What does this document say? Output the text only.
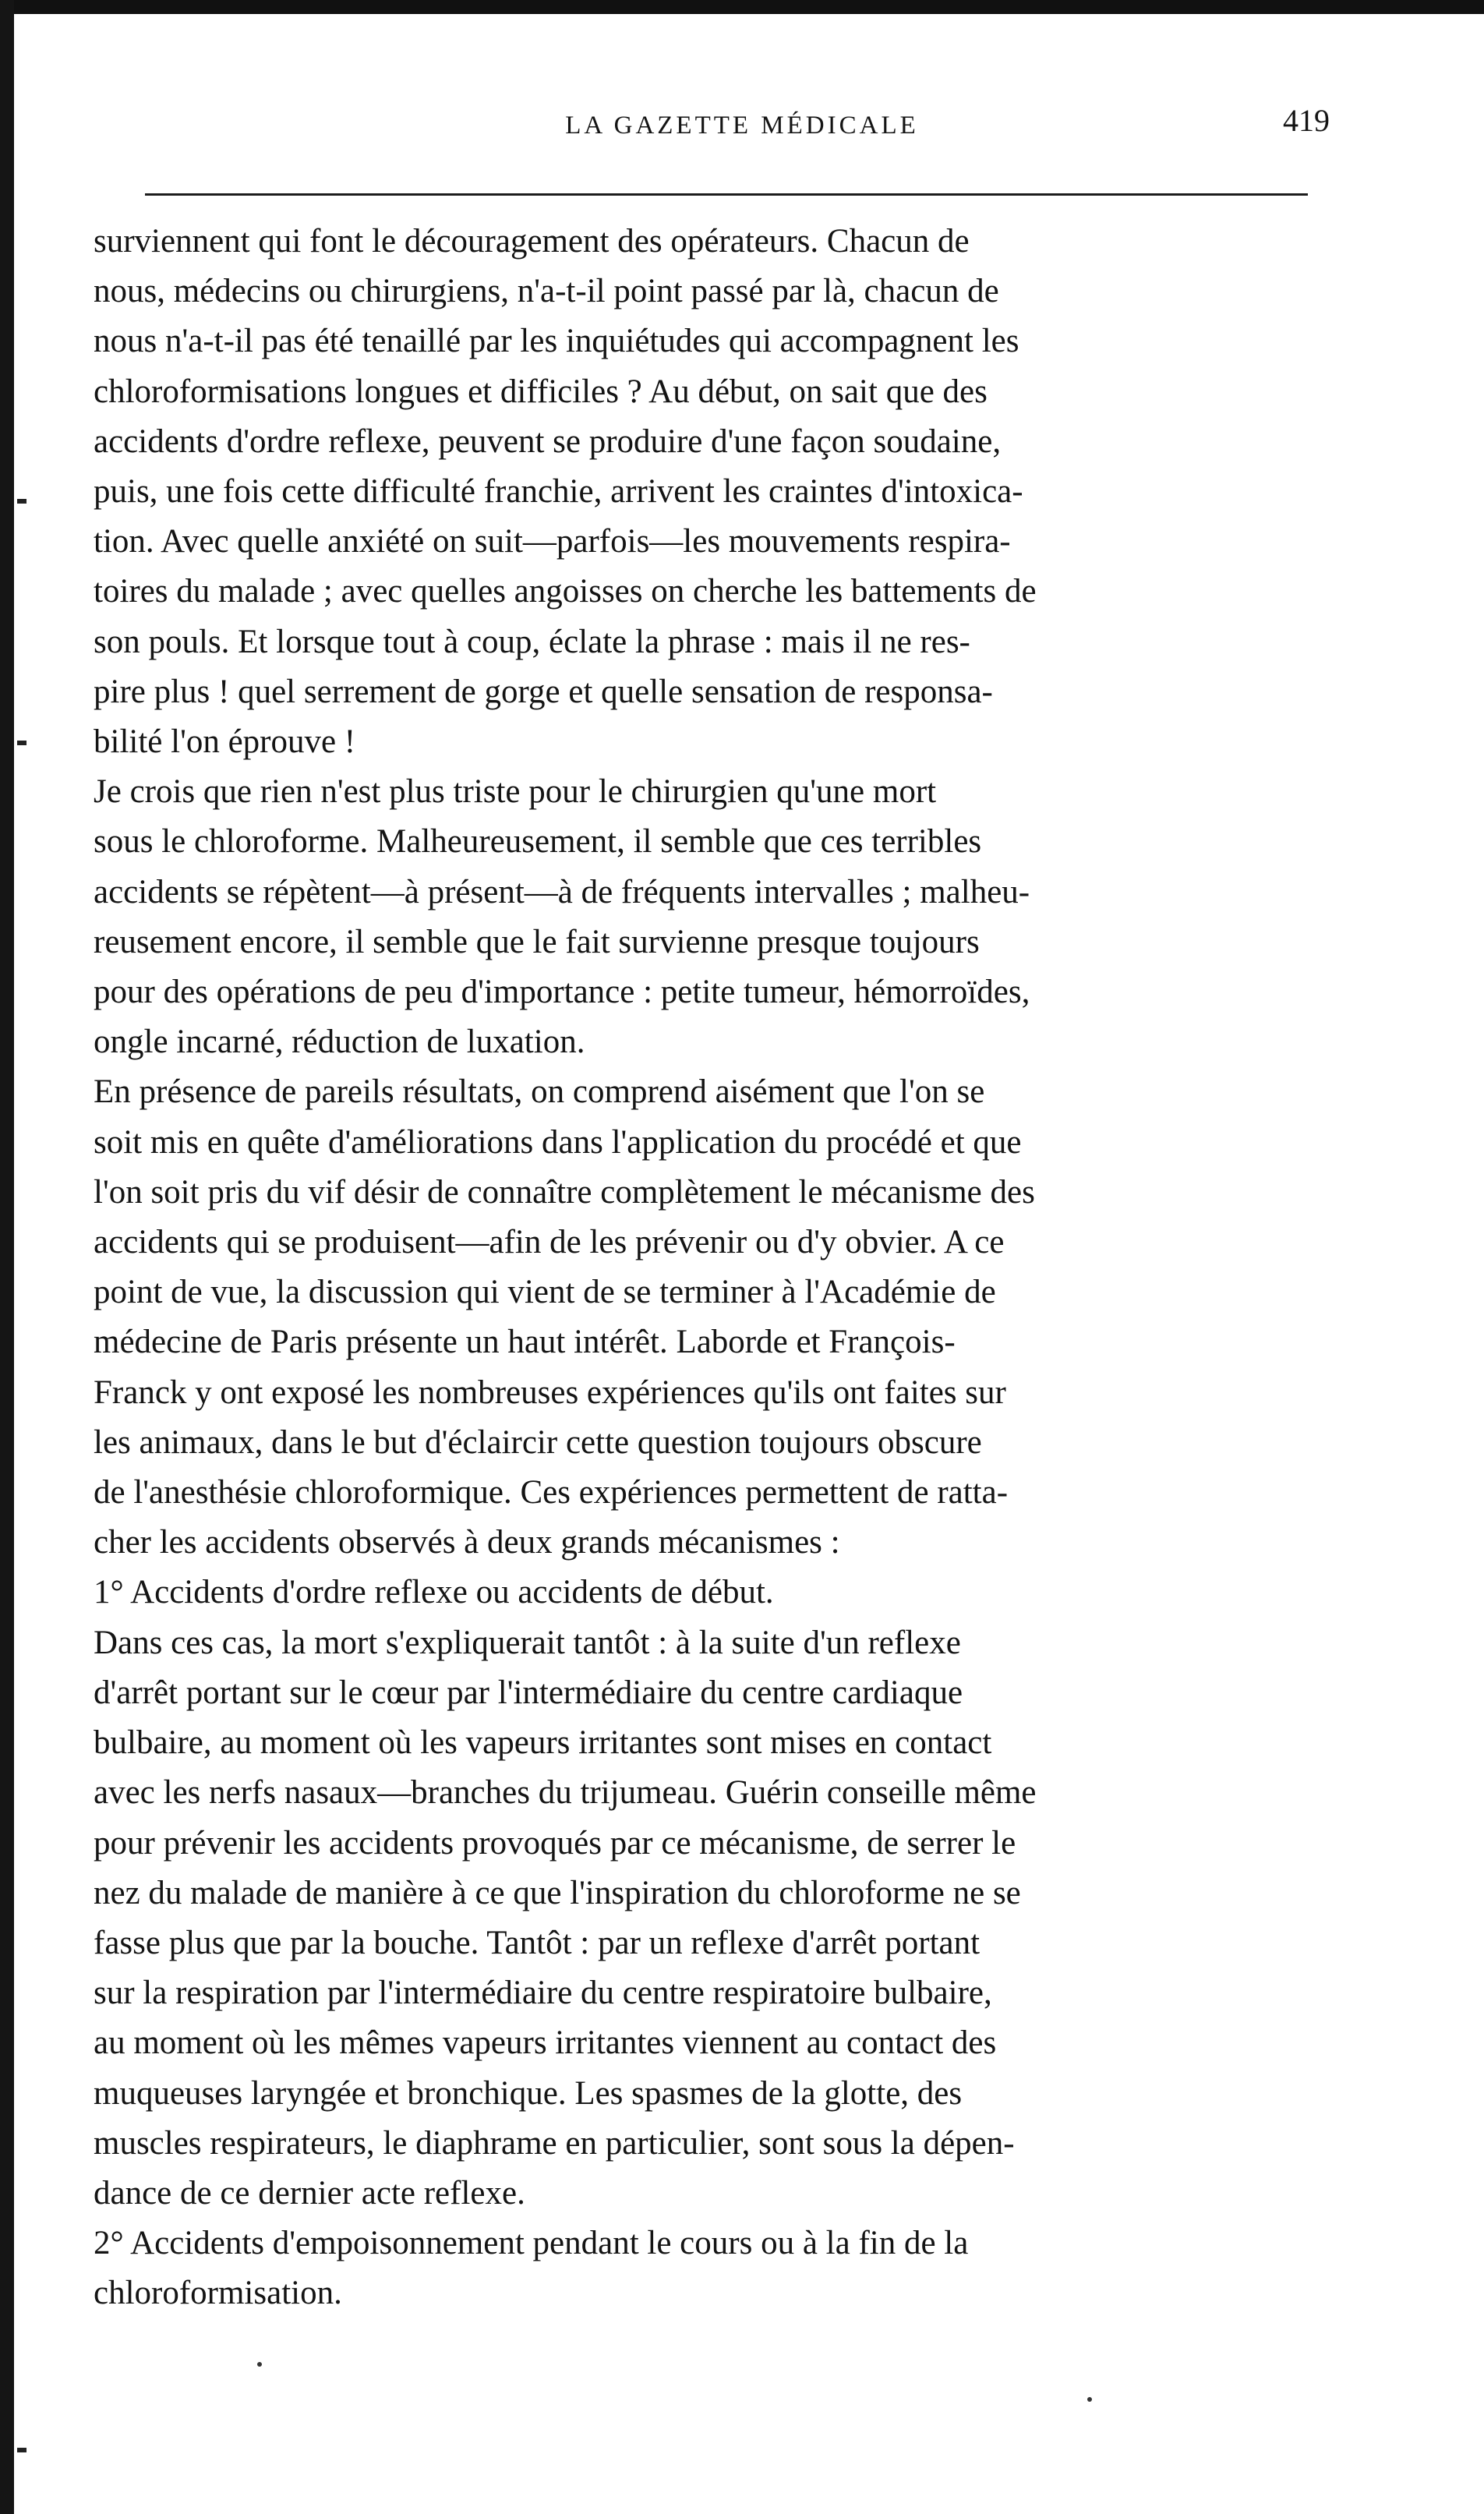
LA GAZETTE MÉDICALE	419
surviennent qui font le découragement des opérateurs. Chacun de
nous, médecins ou chirurgiens, n'a-t-il point passé par là, chacun de
nous n'a-t-il pas été tenaillé par les inquiétudes qui accompagnent les
chloroformisations longues et difficiles ? Au début, on sait que des
accidents d'ordre reflexe, peuvent se produire d'une façon soudaine,
puis, une fois cette difficulté franchie, arrivent les craintes d'intoxica-
tion. Avec quelle anxiété on suit—parfois—les mouvements respira-
toires du malade ; avec quelles angoisses on cherche les battements de
son pouls. Et lorsque tout à coup, éclate la phrase : mais il ne res-
pire plus ! quel serrement de gorge et quelle sensation de responsa-
bilité l'on éprouve !
Je crois que rien n'est plus triste pour le chirurgien qu'une mort
sous le chloroforme. Malheureusement, il semble que ces terribles
accidents se répètent—à présent—à de fréquents intervalles ; malheu-
reusement encore, il semble que le fait survienne presque toujours
pour des opérations de peu d'importance : petite tumeur, hémorroïdes,
ongle incarné, réduction de luxation.
En présence de pareils résultats, on comprend aisément que l'on se
soit mis en quête d'améliorations dans l'application du procédé et que
l'on soit pris du vif désir de connaître complètement le mécanisme des
accidents qui se produisent—afin de les prévenir ou d'y obvier. A ce
point de vue, la discussion qui vient de se terminer à l'Académie de
médecine de Paris présente un haut intérêt. Laborde et François-
Franck y ont exposé les nombreuses expériences qu'ils ont faites sur
les animaux, dans le but d'éclaircir cette question toujours obscure
de l'anesthésie chloroformique. Ces expériences permettent de ratta-
cher les accidents observés à deux grands mécanismes :
1° Accidents d'ordre reflexe ou accidents de début.
Dans ces cas, la mort s'expliquerait tantôt : à la suite d'un reflexe
d'arrêt portant sur le cœur par l'intermédiaire du centre cardiaque
bulbaire, au moment où les vapeurs irritantes sont mises en contact
avec les nerfs nasaux—branches du trijumeau. Guérin conseille même
pour prévenir les accidents provoqués par ce mécanisme, de serrer le
nez du malade de manière à ce que l'inspiration du chloroforme ne se
fasse plus que par la bouche. Tantôt : par un reflexe d'arrêt portant
sur la respiration par l'intermédiaire du centre respiratoire bulbaire,
au moment où les mêmes vapeurs irritantes viennent au contact des
muqueuses laryngée et bronchique. Les spasmes de la glotte, des
muscles respirateurs, le diaphrame en particulier, sont sous la dépen-
dance de ce dernier acte reflexe.
2° Accidents d'empoisonnement pendant le cours ou à la fin de la
chloroformisation.
